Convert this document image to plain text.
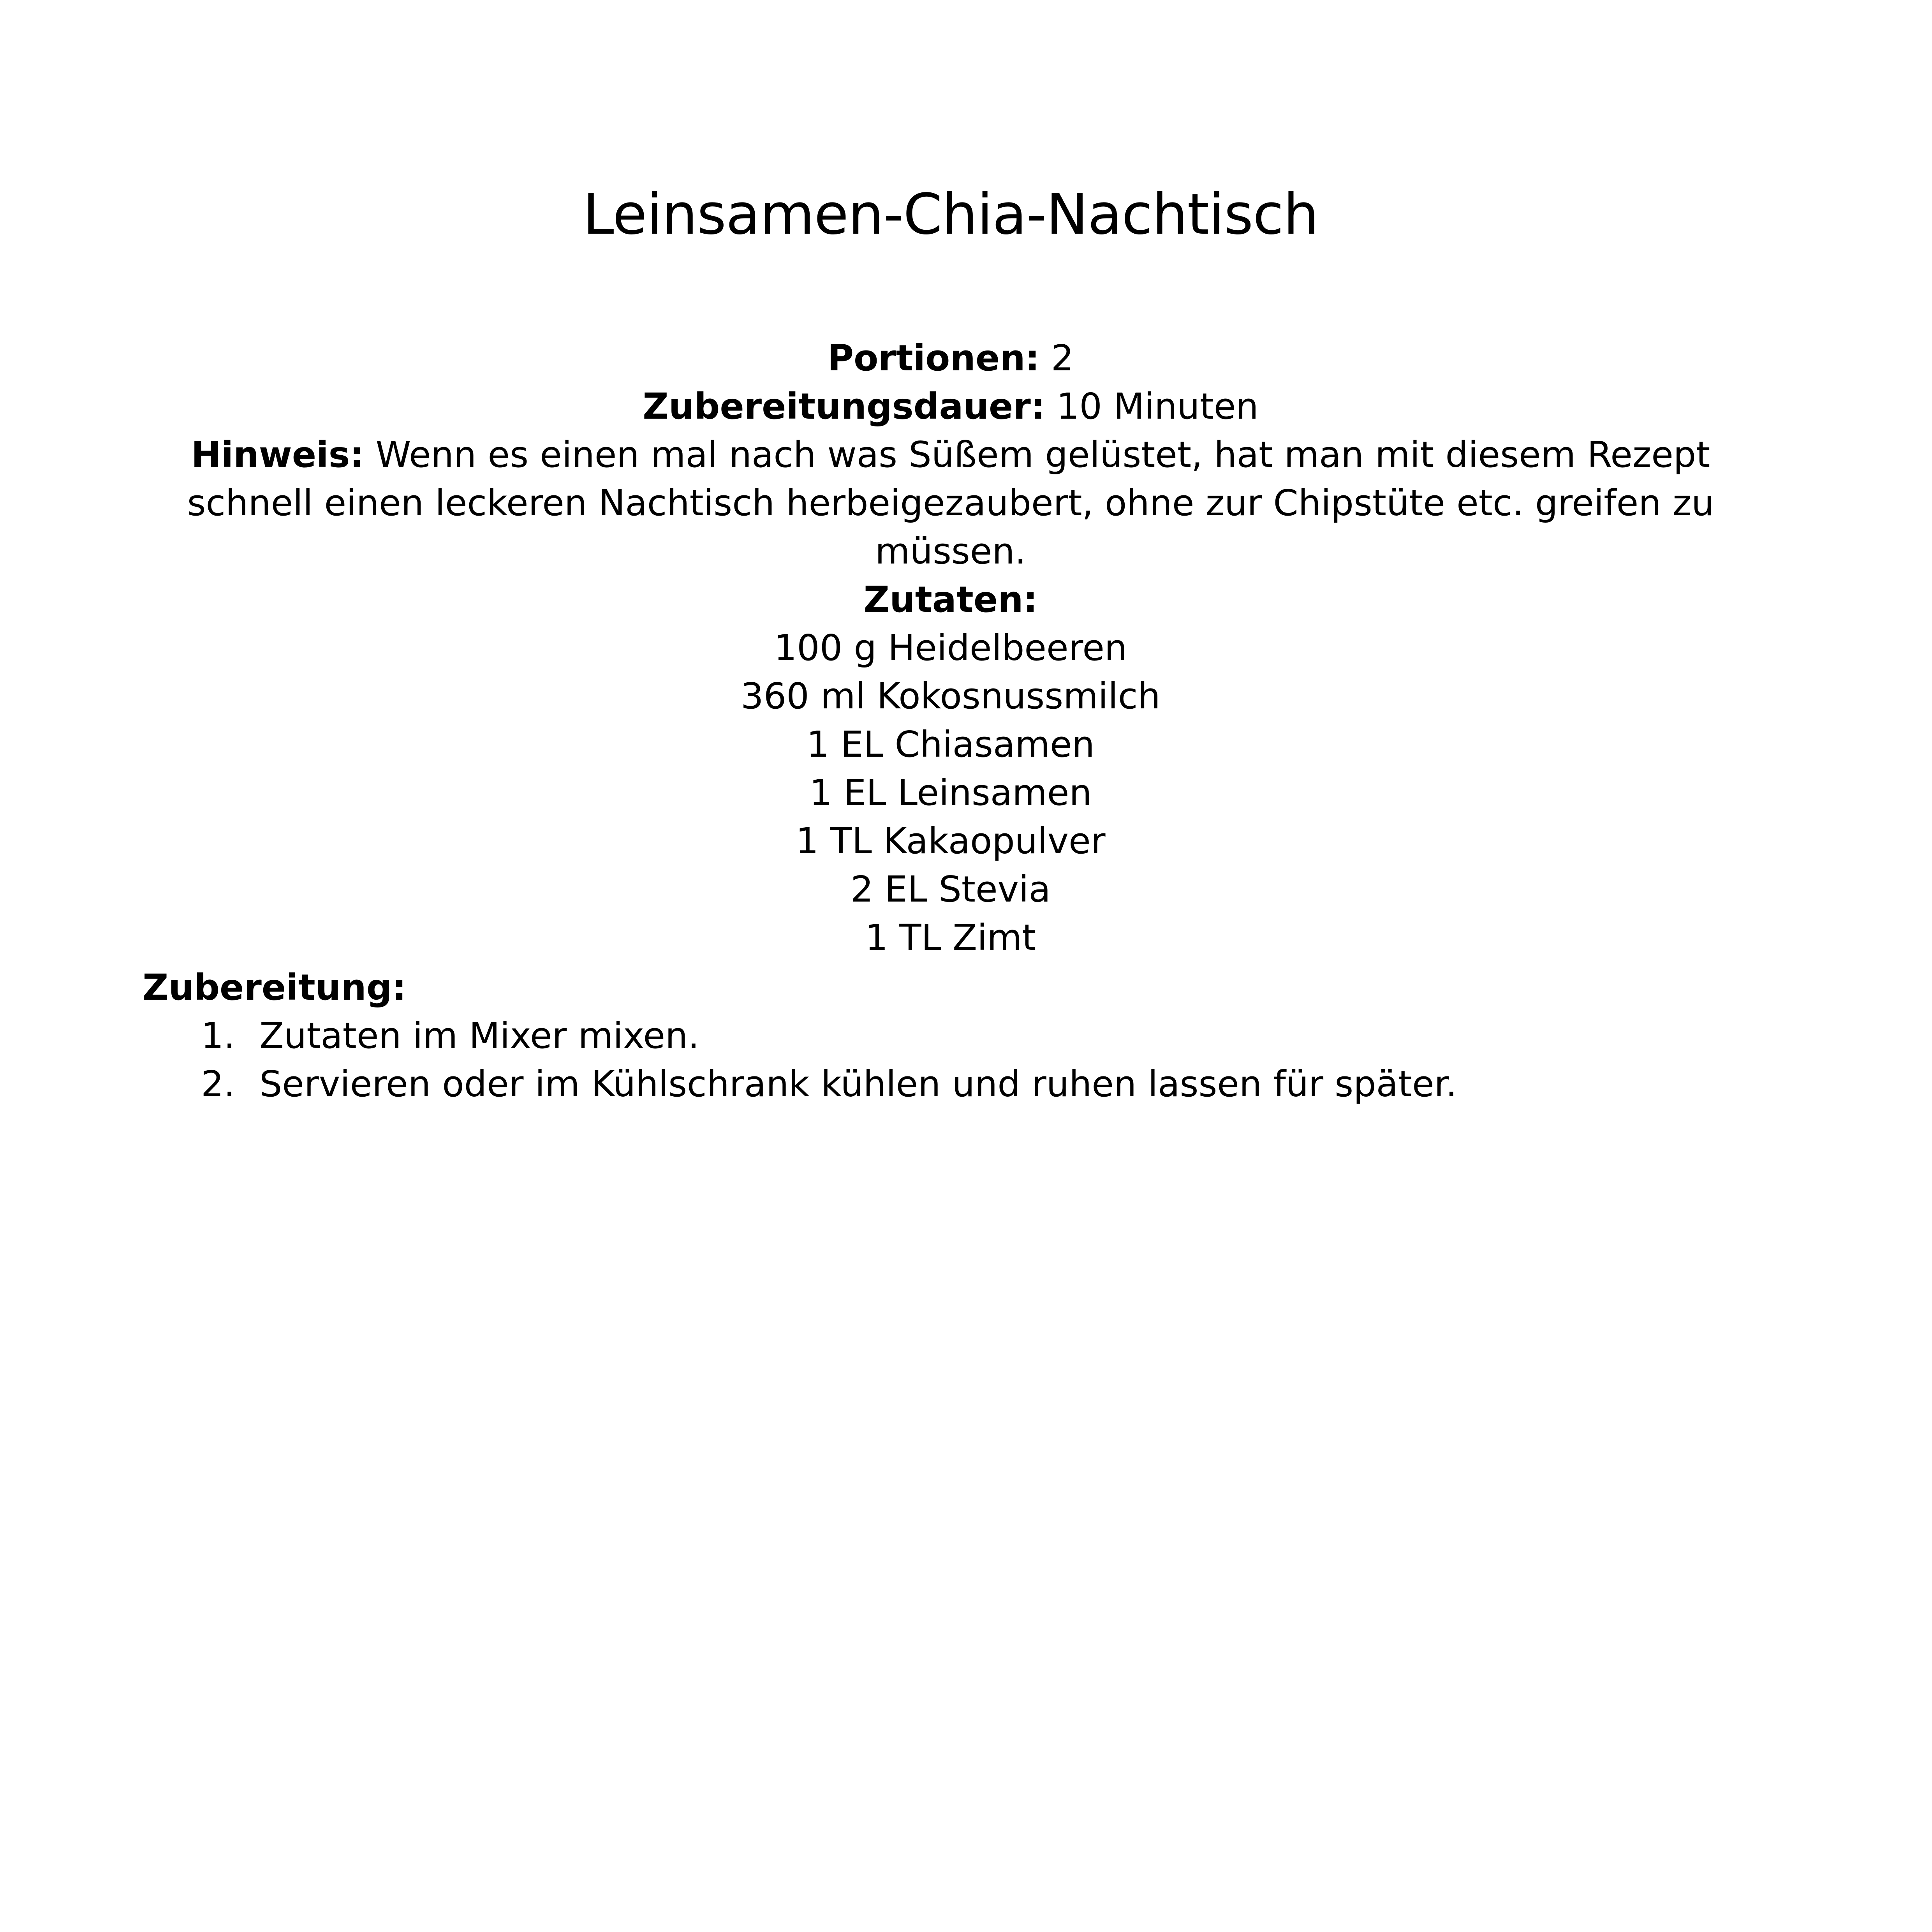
Leinsamen-Chia-Nachtisch
Portionen: 2
Zubereitungsdauer: 10 Minuten
Hinweis: Wenn es einen mal nach was Süßem gelüstet, hat man mit diesem Rezept schnell einen leckeren Nachtisch herbeigezaubert, ohne zur Chipstüte etc. greifen zu müssen.
Zutaten:
100 g Heidelbeeren
360 ml Kokosnussmilch
1 EL Chiasamen
1 EL Leinsamen
1 TL Kakaopulver
2 EL Stevia
1 TL Zimt
Zubereitung:
1. Zutaten im Mixer mixen.
2. Servieren oder im Kühlschrank kühlen und ruhen lassen für später.
